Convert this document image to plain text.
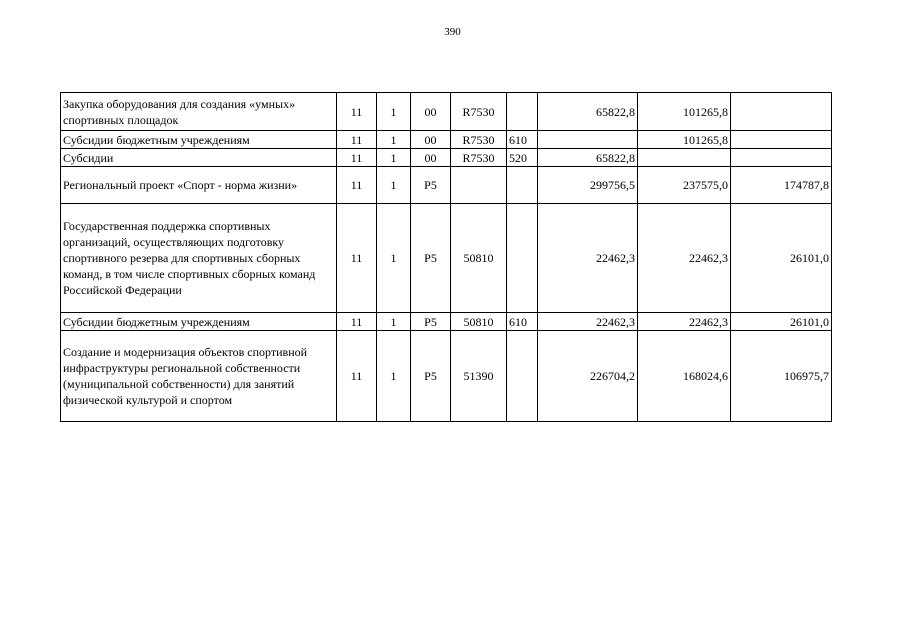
390
Закупка оборудования для создания «умных» спортивных площадок	11	1	00	R7530		65822,8	101265,8	
Субсидии бюджетным учреждениям	11	1	00	R7530	610		101265,8	
Субсидии	11	1	00	R7530	520	65822,8		
Региональный проект «Спорт - норма жизни»	11	1	P5			299756,5	237575,0	174787,8
Государственная поддержка спортивных организаций, осуществляющих подготовку спортивного резерва для спортивных сборных команд, в том числе спортивных сборных команд Российской Федерации	11	1	P5	50810		22462,3	22462,3	26101,0
Субсидии бюджетным учреждениям	11	1	P5	50810	610	22462,3	22462,3	26101,0
Создание и модернизация объектов спортивной инфраструктуры региональной собственности (муниципальной собственности) для занятий физической культурой и спортом	11	1	P5	51390		226704,2	168024,6	106975,7
